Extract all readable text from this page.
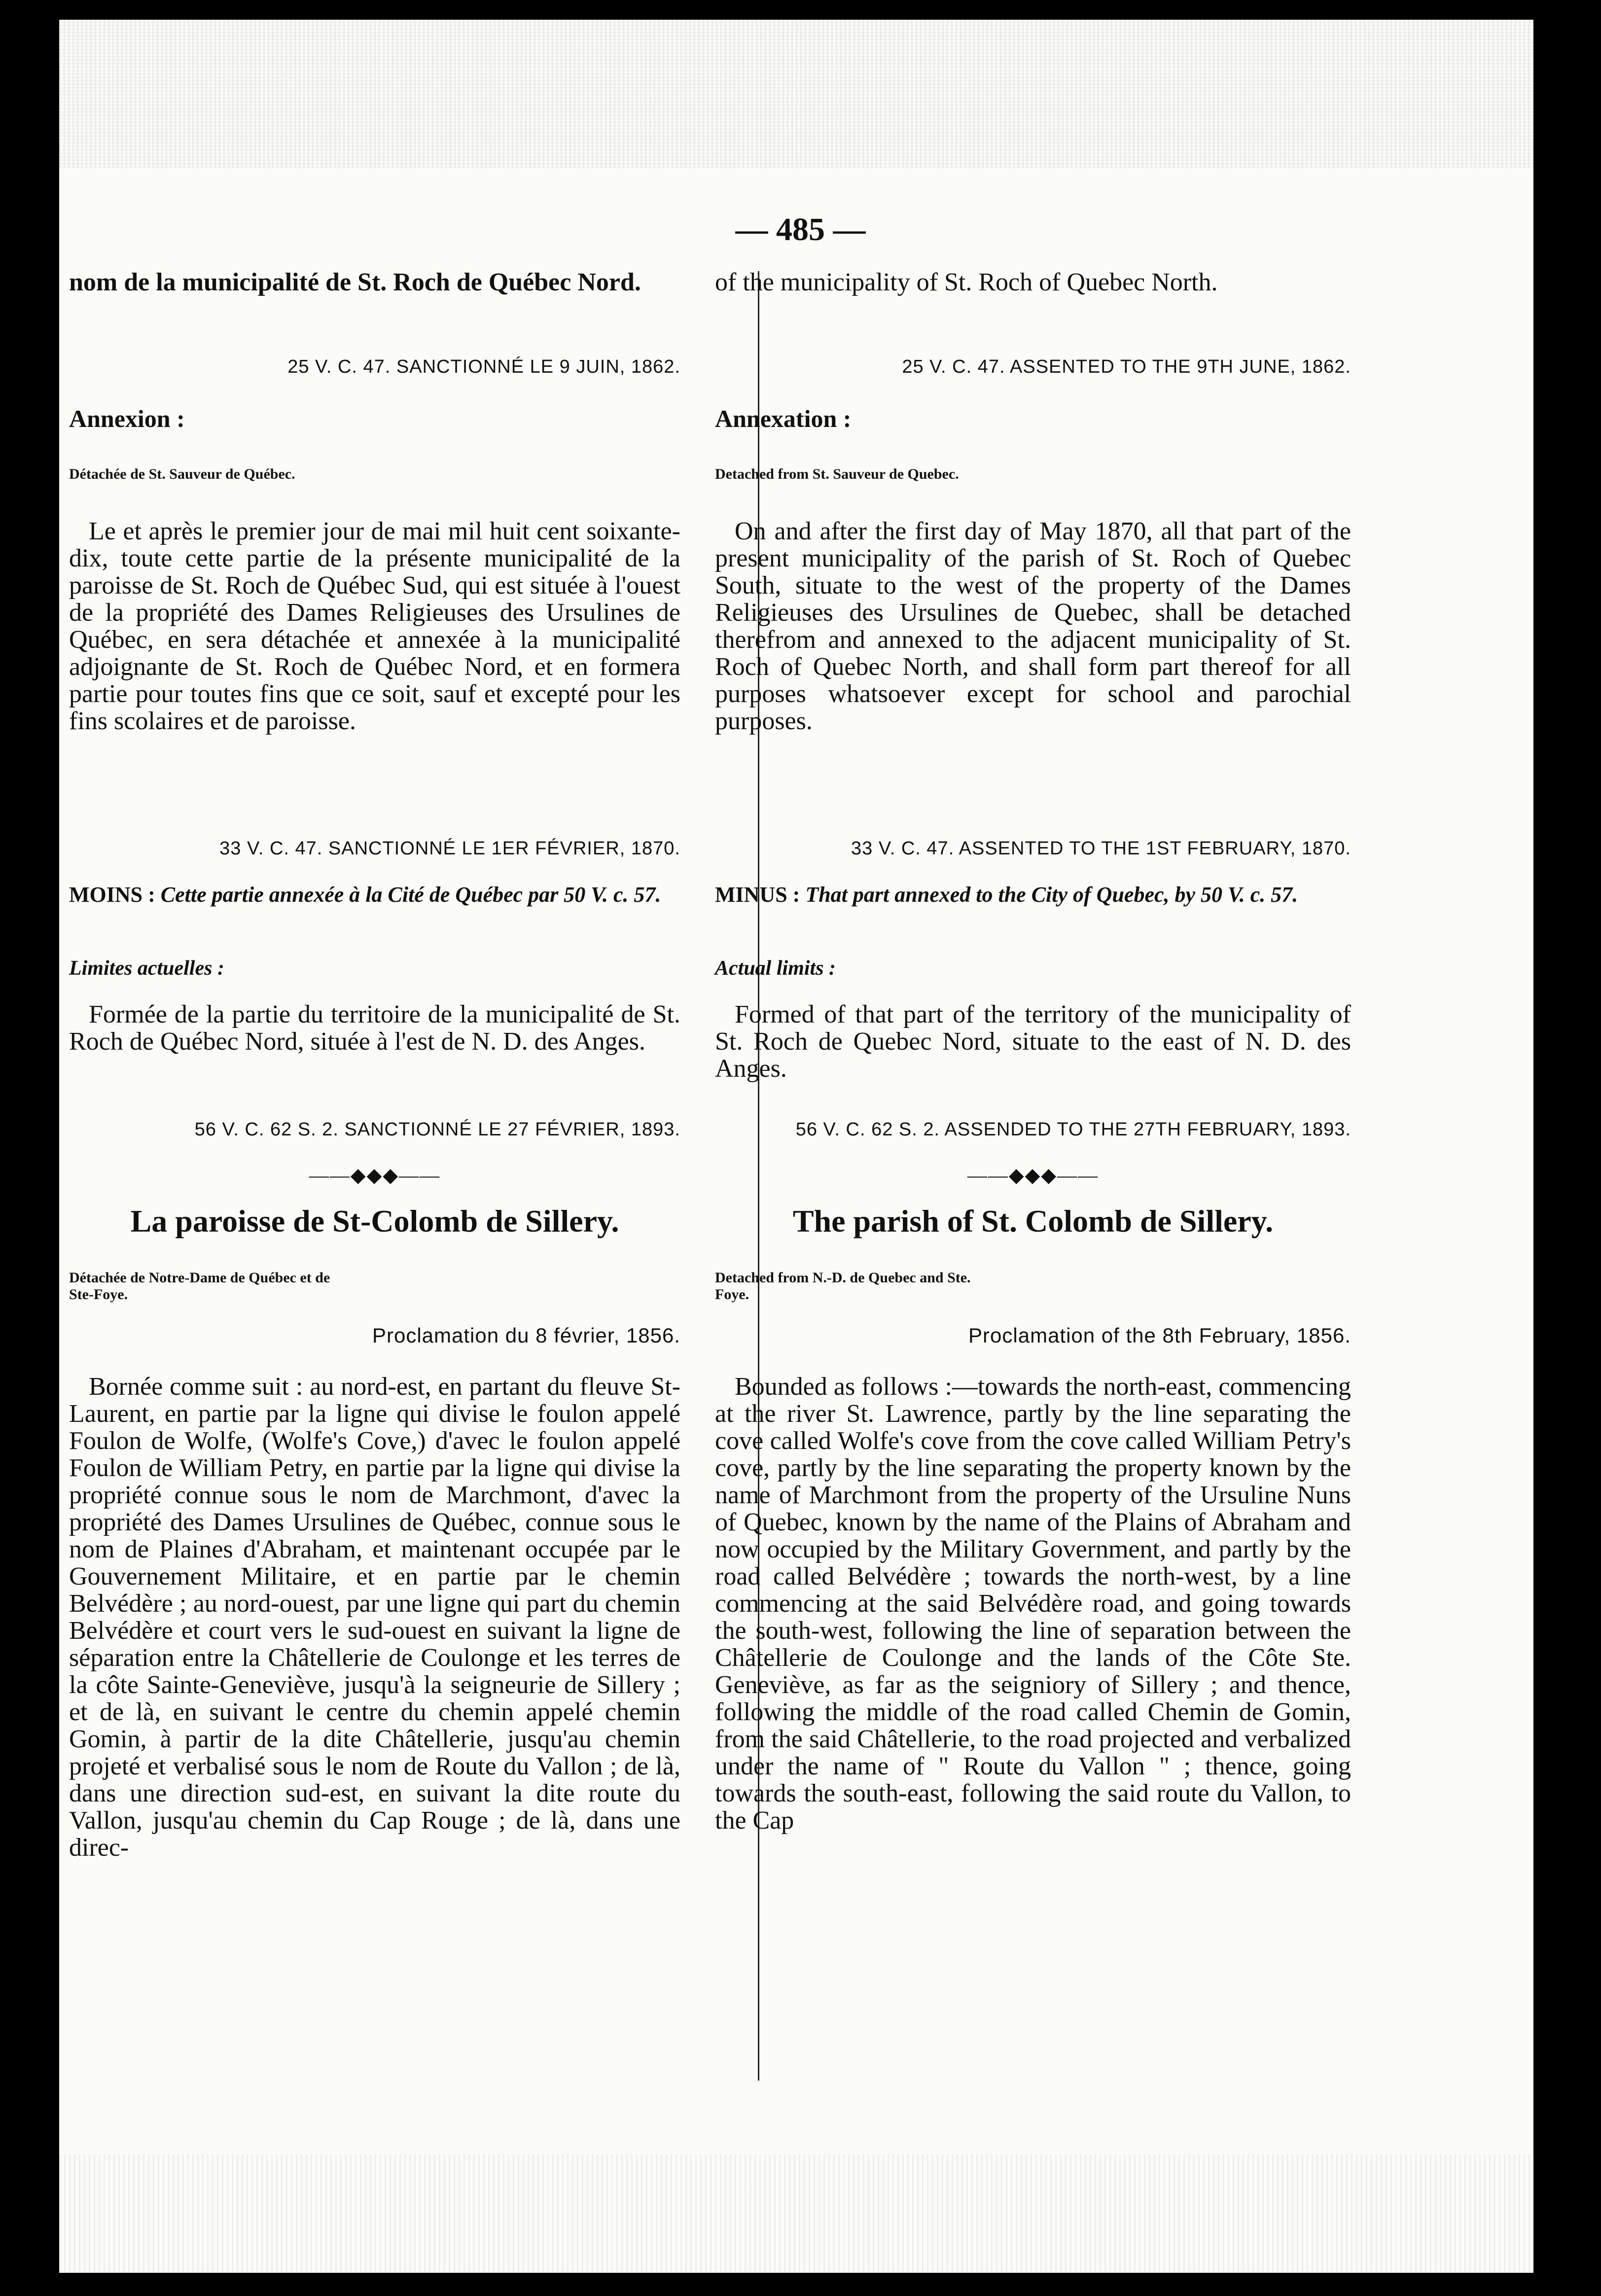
— 485 —
nom de la municipalité de St. Roch de Québec Nord.
25 V. C. 47. SANCTIONNÉ LE 9 JUIN, 1862.
Annexion :
Détachée de St. Sauveur de Québec.
Le et après le premier jour de mai mil huit cent soixante-dix, toute cette partie de la présente municipalité de la paroisse de St. Roch de Québec Sud, qui est située à l'ouest de la propriété des Dames Religieuses des Ursulines de Québec, en sera détachée et annexée à la municipalité adjoignante de St. Roch de Québec Nord, et en formera partie pour toutes fins que ce soit, sauf et excepté pour les fins scolaires et de paroisse.
33 V. C. 47. SANCTIONNÉ LE 1ER FÉVRIER, 1870.
MOINS : Cette partie annexée à la Cité de Québec par 50 V. c. 57.
Limites actuelles :
Formée de la partie du territoire de la municipalité de St. Roch de Québec Nord, située à l'est de N. D. des Anges.
56 V. C. 62 S. 2. SANCTIONNÉ LE 27 FÉVRIER, 1893.
——◆◆◆——
La paroisse de St-Colomb de Sillery.
Détachée de Notre-Dame de Québec et de Ste-Foye.
Proclamation du 8 février, 1856.
Bornée comme suit : au nord-est, en partant du fleuve St-Laurent, en partie par la ligne qui divise le foulon appelé Foulon de Wolfe, (Wolfe's Cove,) d'avec le foulon appelé Foulon de William Petry, en partie par la ligne qui divise la propriété connue sous le nom de Marchmont, d'avec la propriété des Dames Ursulines de Québec, connue sous le nom de Plaines d'Abraham, et maintenant occupée par le Gouvernement Militaire, et en partie par le chemin Belvédère ; au nord-ouest, par une ligne qui part du chemin Belvédère et court vers le sud-ouest en suivant la ligne de séparation entre la Châtellerie de Coulonge et les terres de la côte Sainte-Geneviève, jusqu'à la seigneurie de Sillery ; et de là, en suivant le centre du chemin appelé chemin Gomin, à partir de la dite Châtellerie, jusqu'au chemin projeté et verbalisé sous le nom de Route du Vallon ; de là, dans une direction sud-est, en suivant la dite route du Vallon, jusqu'au chemin du Cap Rouge ; de là, dans une direc-
of the municipality of St. Roch of Quebec North.
25 V. C. 47. ASSENTED TO THE 9TH JUNE, 1862.
Annexation :
Detached from St. Sauveur de Quebec.
On and after the first day of May 1870, all that part of the present municipality of the parish of St. Roch of Quebec South, situate to the west of the property of the Dames Religieuses des Ursulines de Quebec, shall be detached therefrom and annexed to the adjacent municipality of St. Roch of Quebec North, and shall form part thereof for all purposes whatsoever except for school and parochial purposes.
33 V. C. 47. ASSENTED TO THE 1ST FEBRUARY, 1870.
MINUS : That part annexed to the City of Quebec, by 50 V. c. 57.
Actual limits :
Formed of that part of the territory of the municipality of St. Roch de Quebec Nord, situate to the east of N. D. des Anges.
56 V. C. 62 S. 2. ASSENDED TO THE 27TH FEBRUARY, 1893.
——◆◆◆——
The parish of St. Colomb de Sillery.
Detached from N.-D. de Quebec and Ste. Foye.
Proclamation of the 8th February, 1856.
Bounded as follows :—towards the north-east, commencing at the river St. Lawrence, partly by the line separating the cove called Wolfe's cove from the cove called William Petry's cove, partly by the line separating the property known by the name of Marchmont from the property of the Ursuline Nuns of Quebec, known by the name of the Plains of Abraham and now occupied by the Military Government, and partly by the road called Belvédère ; towards the north-west, by a line commencing at the said Belvédère road, and going towards the south-west, following the line of separation between the Châtellerie de Coulonge and the lands of the Côte Ste. Geneviève, as far as the seigniory of Sillery ; and thence, following the middle of the road called Chemin de Gomin, from the said Châtellerie, to the road projected and verbalized under the name of " Route du Vallon " ; thence, going towards the south-east, following the said route du Vallon, to the Cap
